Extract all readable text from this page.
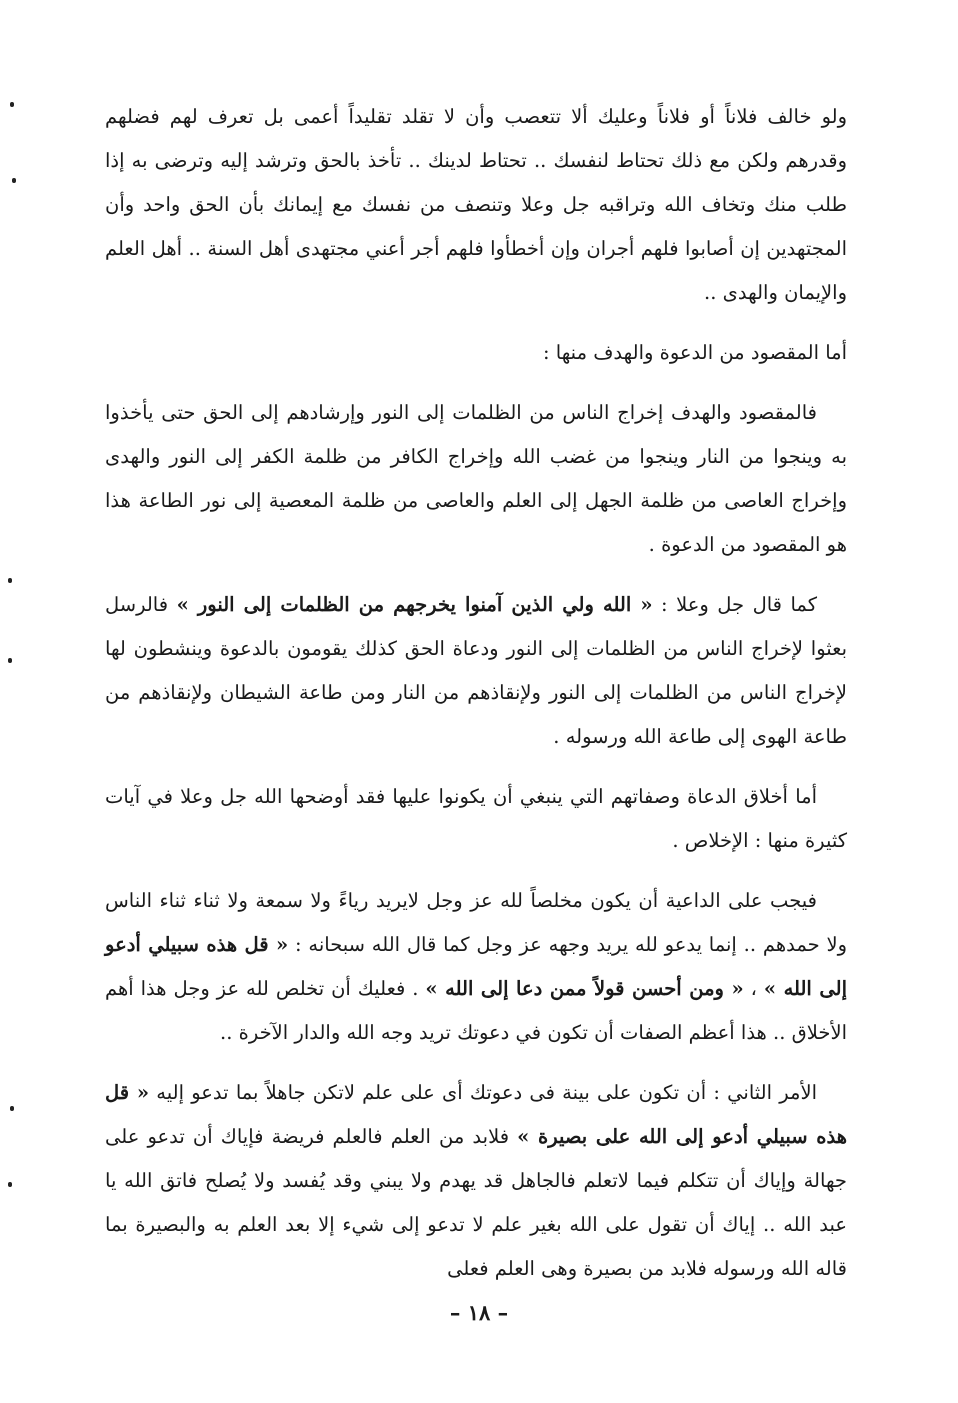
ولو خالف فلاناً أو فلاناً وعليك ألا تتعصب وأن لا تقلد تقليداً أعمى بل تعرف لهم فضلهم وقدرهم ولكن مع ذلك تحتاط لنفسك .. تحتاط لدينك .. تأخذ بالحق وترشد إليه وترضى به إذا طلب منك وتخاف الله وتراقبه جل وعلا وتنصف من نفسك مع إيمانك بأن الحق واحد وأن المجتهدين إن أصابوا فلهم أجران وإن أخطأوا فلهم أجر أعني مجتهدى أهل السنة .. أهل العلم والإيمان والهدى ..

أما المقصود من الدعوة والهدف منها :

فالمقصود والهدف إخراج الناس من الظلمات إلى النور وإرشادهم إلى الحق حتى يأخذوا به وينجوا من النار وينجوا من غضب الله وإخراج الكافر من ظلمة الكفر إلى النور والهدى وإخراج العاصى من ظلمة الجهل إلى العلم والعاصى من ظلمة المعصية إلى نور الطاعة هذا هو المقصود من الدعوة .

كما قال جل وعلا : « الله ولي الذين آمنوا يخرجهم من الظلمات إلى النور » فالرسل بعثوا لإخراج الناس من الظلمات إلى النور ودعاة الحق كذلك يقومون بالدعوة وينشطون لها لإخراج الناس من الظلمات إلى النور ولإنقاذهم من النار ومن طاعة الشيطان ولإنقاذهم من طاعة الهوى إلى طاعة الله ورسوله .

أما أخلاق الدعاة وصفاتهم التي ينبغي أن يكونوا عليها فقد أوضحها الله جل وعلا في آيات كثيرة منها : الإخلاص .

فيجب على الداعية أن يكون مخلصاً لله عز وجل لايريد رياءً ولا سمعة ولا ثناء ثناء الناس ولا حمدهم .. إنما يدعو لله يريد وجهه عز وجل كما قال الله سبحانه : « قل هذه سبيلي أدعو إلى الله » ، « ومن أحسن قولاً ممن دعا إلى الله » . فعليك أن تخلص لله عز وجل هذا أهم الأخلاق .. هذا أعظم الصفات أن تكون في دعوتك تريد وجه الله والدار الآخرة ..

الأمر الثاني : أن تكون على بينة فى دعوتك أى على علم لاتكن جاهلاً بما تدعو إليه « قل هذه سبيلي أدعو إلى الله على بصيرة » فلابد من العلم فالعلم فريضة فإياك أن تدعو على جهالة وإياك أن تتكلم فيما لاتعلم فالجاهل قد يهدم ولا يبني وقد يُفسد ولا يُصلح فاتق الله يا عبد الله .. إياك أن تقول على الله بغير علم لا تدعو إلى شيء إلا بعد العلم به والبصيرة بما قاله الله ورسوله فلابد من بصيرة وهى العلم فعلى

– ١٨ –
